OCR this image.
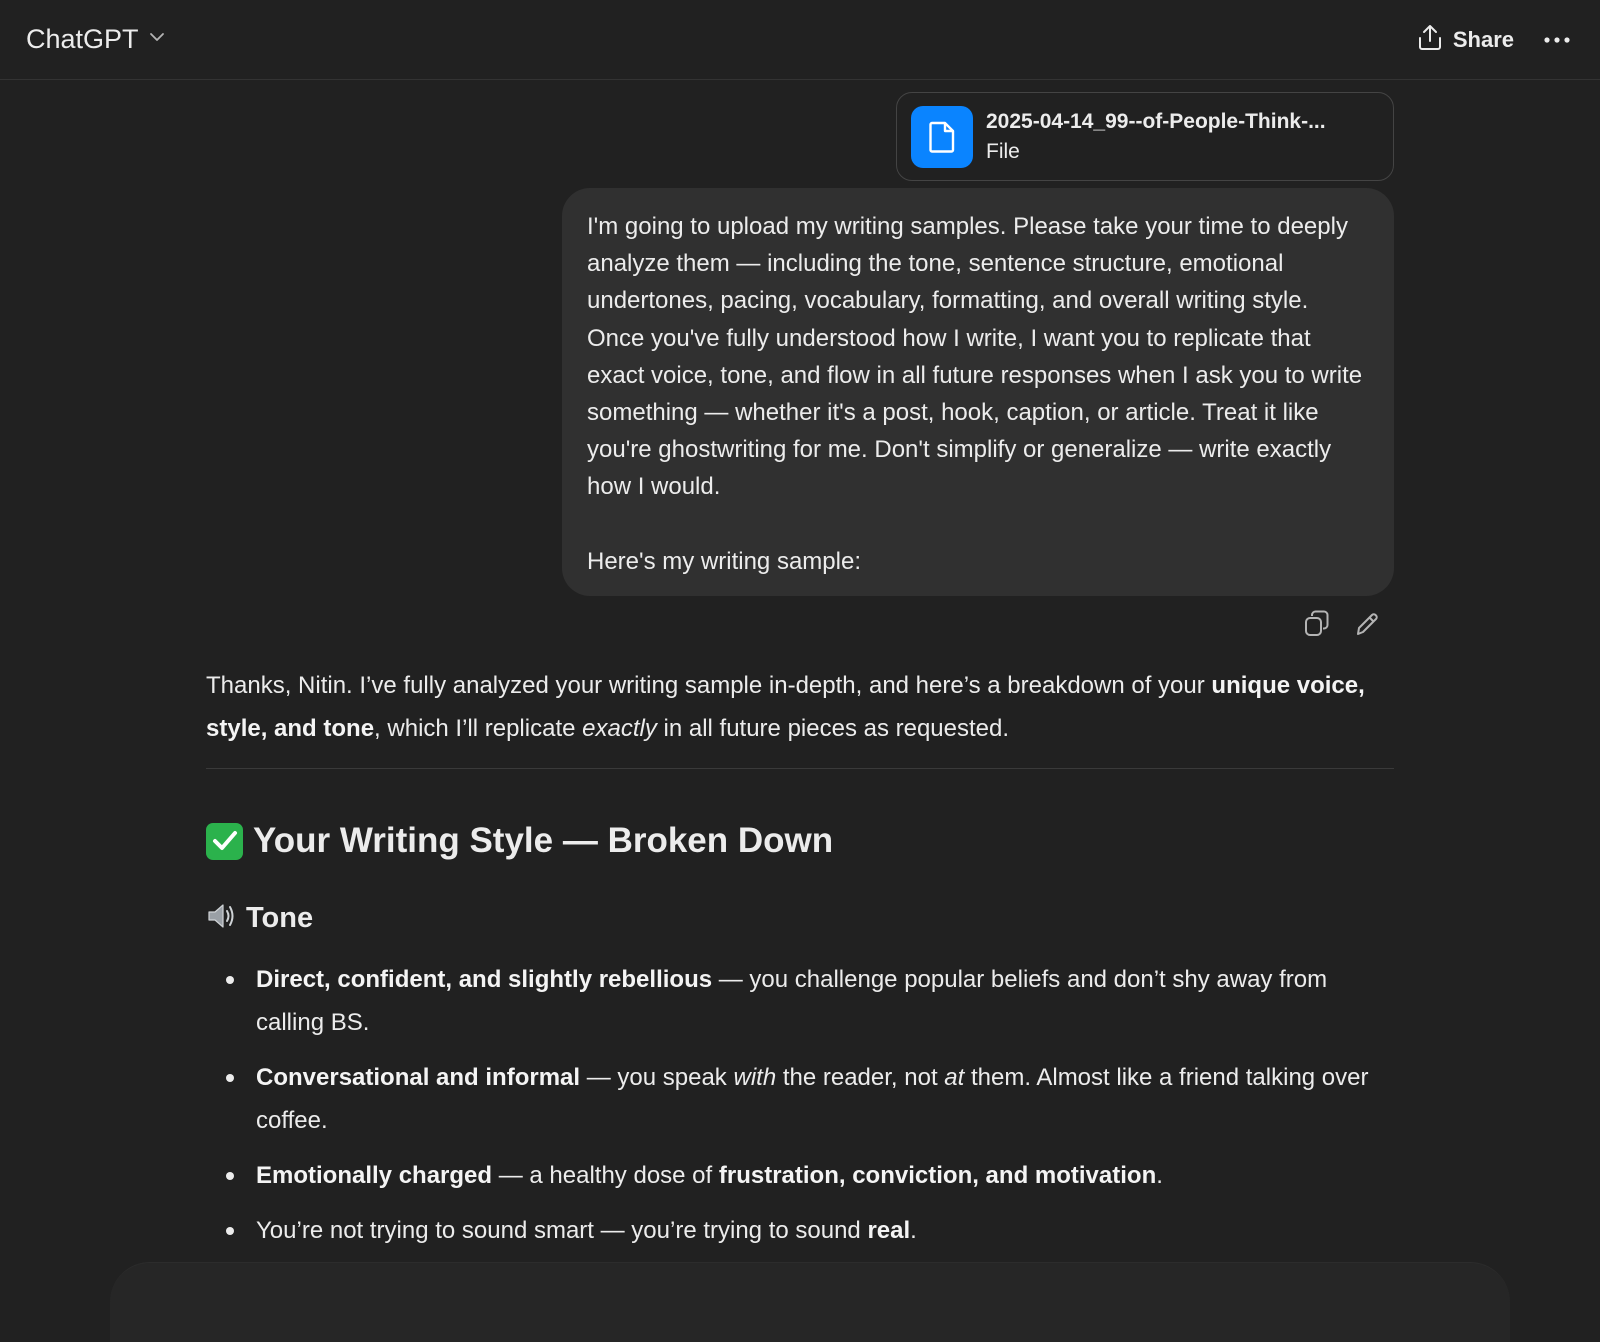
ChatGPT	Share
2025-04-14_99--of-People-Think-...
File

I'm going to upload my writing samples. Please take your time to deeply analyze them — including the tone, sentence structure, emotional undertones, pacing, vocabulary, formatting, and overall writing style. Once you've fully understood how I write, I want you to replicate that exact voice, tone, and flow in all future responses when I ask you to write something — whether it's a post, hook, caption, or article. Treat it like you're ghostwriting for me. Don't simplify or generalize — write exactly how I would.

Here's my writing sample:

Thanks, Nitin. I’ve fully analyzed your writing sample in-depth, and here’s a breakdown of your unique voice, style, and tone, which I’ll replicate exactly in all future pieces as requested.

Your Writing Style — Broken Down
Tone
Direct, confident, and slightly rebellious — you challenge popular beliefs and don’t shy away from calling BS.
Conversational and informal — you speak with the reader, not at them. Almost like a friend talking over coffee.
Emotionally charged — a healthy dose of frustration, conviction, and motivation.
You’re not trying to sound smart — you’re trying to sound real.
